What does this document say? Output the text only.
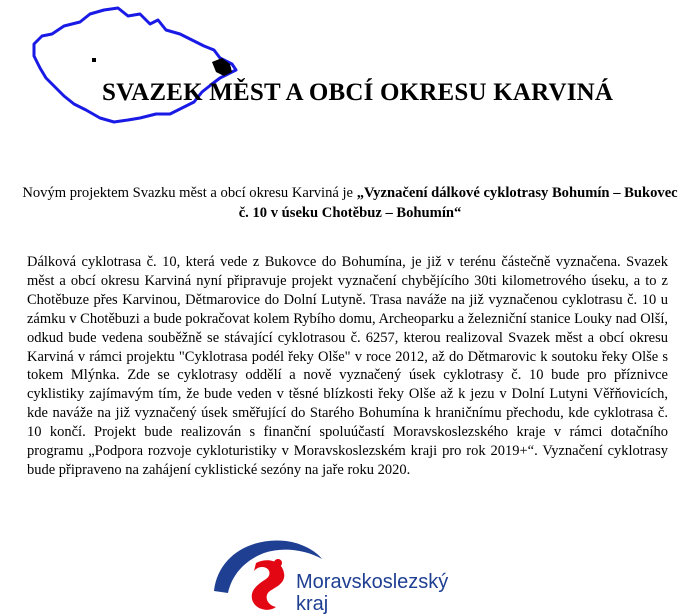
SVAZEK MĚST A OBCÍ OKRESU KARVINÁ

Novým projektem Svazku měst a obcí okresu Karviná je „Vyznačení dálkové cyklotrasy Bohumín – Bukovec č. 10 v úseku Chotěbuz – Bohumín“

Dálková cyklotrasa č. 10, která vede z Bukovce do Bohumína, je již v terénu částečně vyznačena. Svazek měst a obcí okresu Karviná nyní připravuje projekt vyznačení chybějícího 30ti kilometrového úseku, a to z Chotěbuze přes Karvinou, Dětmarovice do Dolní Lutyně. Trasa naváže na již vyznačenou cyklotrasu č. 10 u zámku v Chotěbuzi a bude pokračovat kolem Rybího domu, Archeoparku a železniční stanice Louky nad Olší, odkud bude vedena souběžně se stávající cyklotrasou č. 6257, kterou realizoval Svazek měst a obcí okresu Karviná v rámci projektu "Cyklotrasa podél řeky Olše" v roce 2012, až do Dětmarovic k soutoku řeky Olše s tokem Mlýnka. Zde se cyklotrasy oddělí a nově vyznačený úsek cyklotrasy č. 10 bude pro příznivce cyklistiky zajímavým tím, že bude veden v těsné blízkosti řeky Olše až k jezu v Dolní Lutyni Věřňovicích, kde naváže na již vyznačený úsek směřující do Starého Bohumína k hraničnímu přechodu, kde cyklotrasa č. 10 končí. Projekt bude realizován s finanční spoluúčastí Moravskoslezského kraje v rámci dotačního programu „Podpora rozvoje cykloturistiky v Moravskoslezském kraji pro rok 2019+“. Vyznačení cyklotrasy bude připraveno na zahájení cyklistické sezóny na jaře roku 2020.

Moravskoslezský
kraj
